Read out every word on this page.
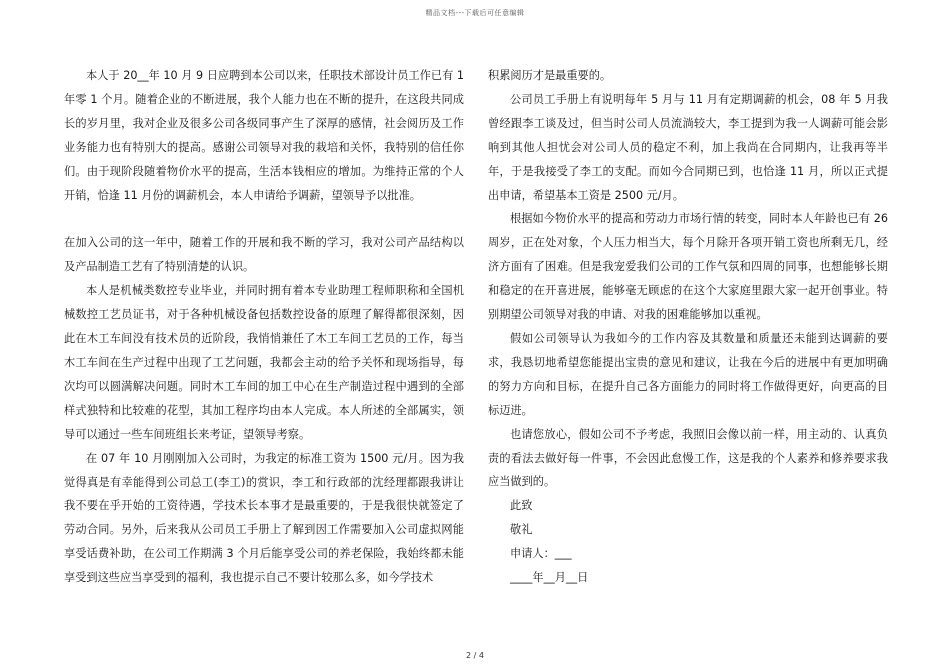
精品文档---下载后可任意编辑

本人于 20__年 10 月 9 日应聘到本公司以来，任职技术部设计员工作已有 1 年零 1 个月。随着企业的不断进展，我个人能力也在不断的提升，在这段共同成长的岁月里，我对企业及很多公司各级同事产生了深厚的感情，社会阅历及工作业务能力也有特别大的提高。感谢公司领导对我的栽培和关怀，我特别的信任你们。由于现阶段随着物价水平的提高，生活本钱相应的增加。为维持正常的个人开销，恰逢 11 月份的调薪机会，本人申请给予调薪，望领导予以批准。

在加入公司的这一年中，随着工作的开展和我不断的学习，我对公司产品结构以及产品制造工艺有了特别清楚的认识。

本人是机械类数控专业毕业，并同时拥有着本专业助理工程师职称和全国机械数控工艺员证书，对于各种机械设备包括数控设备的原理了解得都很深刻，因此在木工车间没有技术员的近阶段，我悄悄兼任了木工车间工艺员的工作，每当木工车间在生产过程中出现了工艺问题，我都会主动的给予关怀和现场指导，每次均可以圆满解决问题。同时木工车间的加工中心在生产制造过程中遇到的全部样式独特和比较难的花型，其加工程序均由本人完成。本人所述的全部属实，领导可以通过一些车间班组长来考证，望领导考察。

在 07 年 10 月刚刚加入公司时，为我定的标准工资为 1500 元/月。因为我觉得真是有幸能得到公司总工(李工)的赏识，李工和行政部的沈经理都跟我讲让我不要在乎开始的工资待遇，学技术长本事才是最重要的，于是我很快就签定了劳动合同。另外，后来我从公司员工手册上了解到因工作需要加入公司虚拟网能享受话费补助，在公司工作期满 3 个月后能享受公司的养老保险，我始终都未能享受到这些应当享受到的福利，我也提示自己不要计较那么多，如今学技术

积累阅历才是最重要的。

公司员工手册上有说明每年 5 月与 11 月有定期调薪的机会，08 年 5 月我曾经跟李工谈及过，但当时公司人员流淌较大，李工提到为我一人调薪可能会影响到其他人担忧会对公司人员的稳定不利，加上我尚在合同期内，让我再等半年，于是我接受了李工的支配。而如今合同期已到，也恰逢 11 月，所以正式提出申请，希望基本工资是 2500 元/月。

根据如今物价水平的提高和劳动力市场行情的转变，同时本人年龄也已有 26 周岁，正在处对象，个人压力相当大，每个月除开各项开销工资也所剩无几，经济方面有了困难。但是我宠爱我们公司的工作气氛和四周的同事，也想能够长期和稳定的在开喜进展，能够毫无顾虑的在这个大家庭里跟大家一起开创事业。特别期望公司领导对我的申请、对我的困难能够加以重视。

假如公司领导认为我如今的工作内容及其数量和质量还未能到达调薪的要求，我恳切地希望您能提出宝贵的意见和建议，让我在今后的进展中有更加明确的努力方向和目标，在提升自己各方面能力的同时将工作做得更好，向更高的目标迈进。

也请您放心，假如公司不予考虑，我照旧会像以前一样，用主动的、认真负责的看法去做好每一件事，不会因此怠慢工作，这是我的个人素养和修养要求我应当做到的。

此致

敬礼

申请人：___

____年__月__日

2 / 4
